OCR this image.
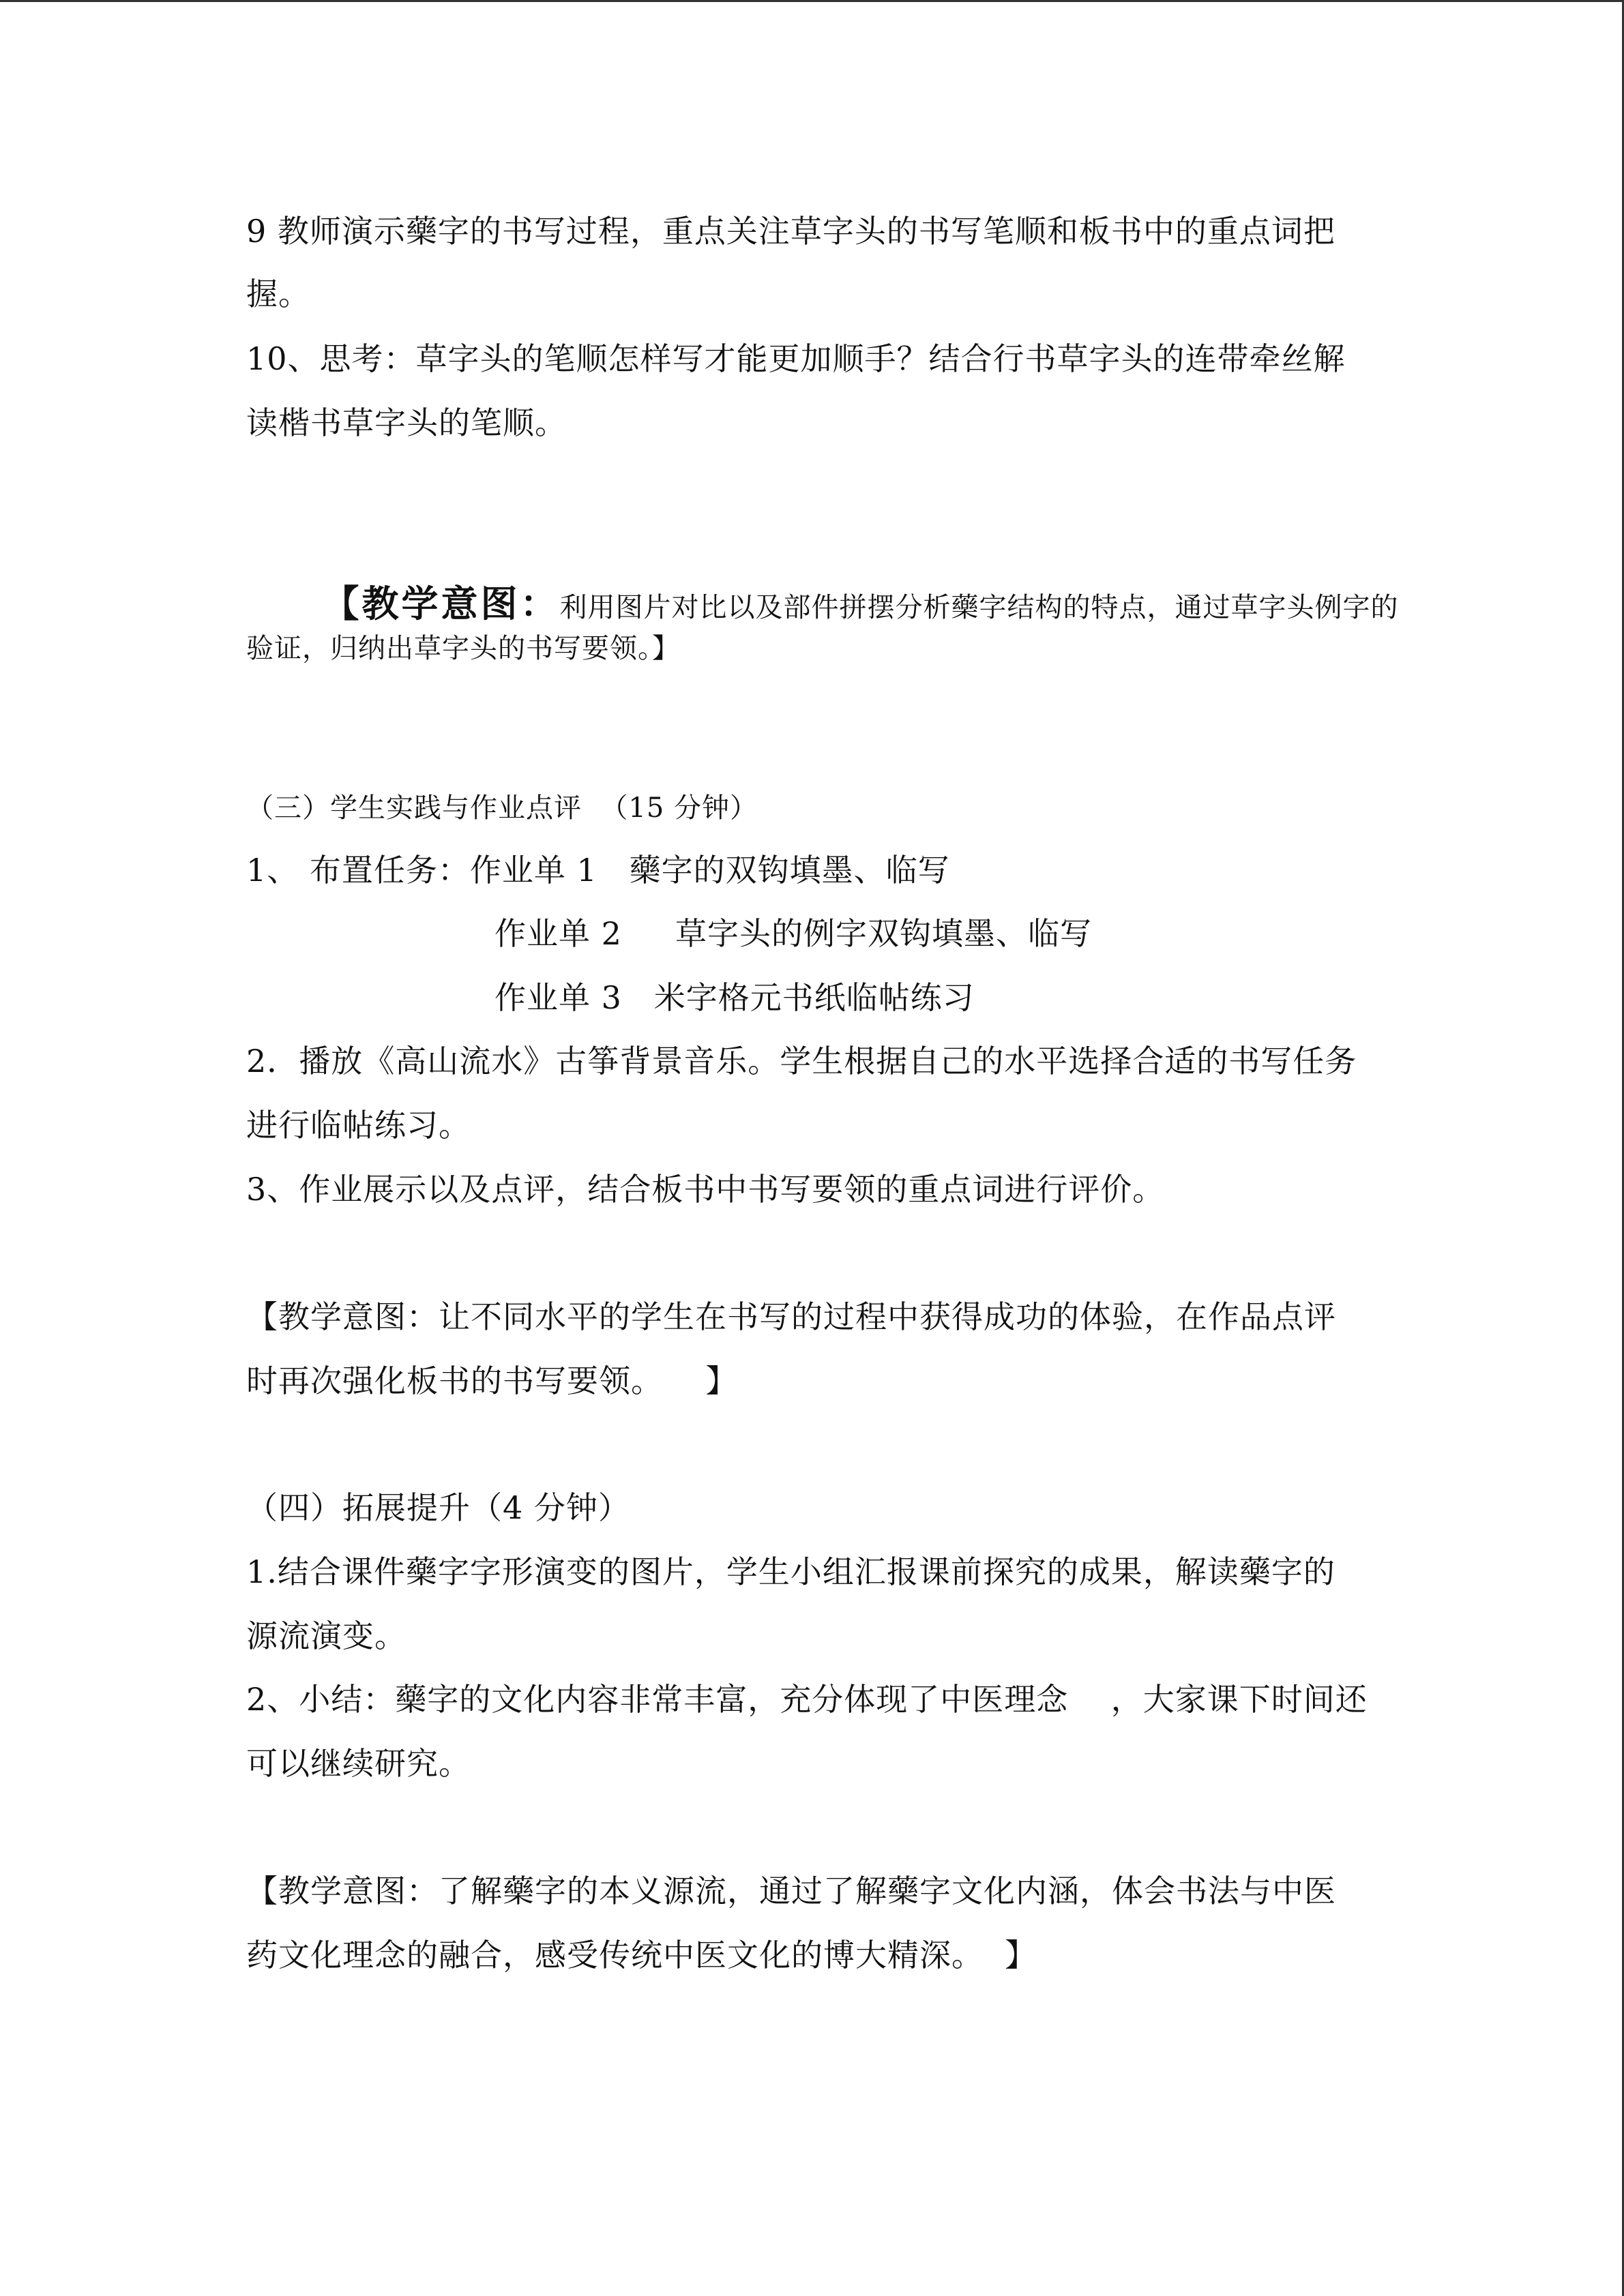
9 教师演示藥字的书写过程，重点关注草字头的书写笔顺和板书中的重点词把
握。
10、思考：草字头的笔顺怎样写才能更加顺手？结合行书草字头的连带牵丝解
读楷书草字头的笔顺。

【教学意图：利用图片对比以及部件拼摆分析藥字结构的特点，通过草字头例字的

验证，归纳出草字头的书写要领。】
（三）学生实践与作业点评  （15 分钟）
1、 布置任务：作业单 1   藥字的双钩填墨、临写
作业单 2     草字头的例字双钩填墨、临写
作业单 3   米字格元书纸临帖练习
2．播放《高山流水》古筝背景音乐。学生根据自己的水平选择合适的书写任务
进行临帖练习。
3、作业展示以及点评，结合板书中书写要领的重点词进行评价。
【教学意图：让不同水平的学生在书写的过程中获得成功的体验，在作品点评
时再次强化板书的书写要领。    】
（四）拓展提升（4 分钟）
1.结合课件藥字字形演变的图片，学生小组汇报课前探究的成果，解读藥字的
源流演变。
2、小结：藥字的文化内容非常丰富，充分体现了中医理念    ，大家课下时间还
可以继续研究。
【教学意图：了解藥字的本义源流，通过了解藥字文化内涵，体会书法与中医
药文化理念的融合，感受传统中医文化的博大精深。  】
